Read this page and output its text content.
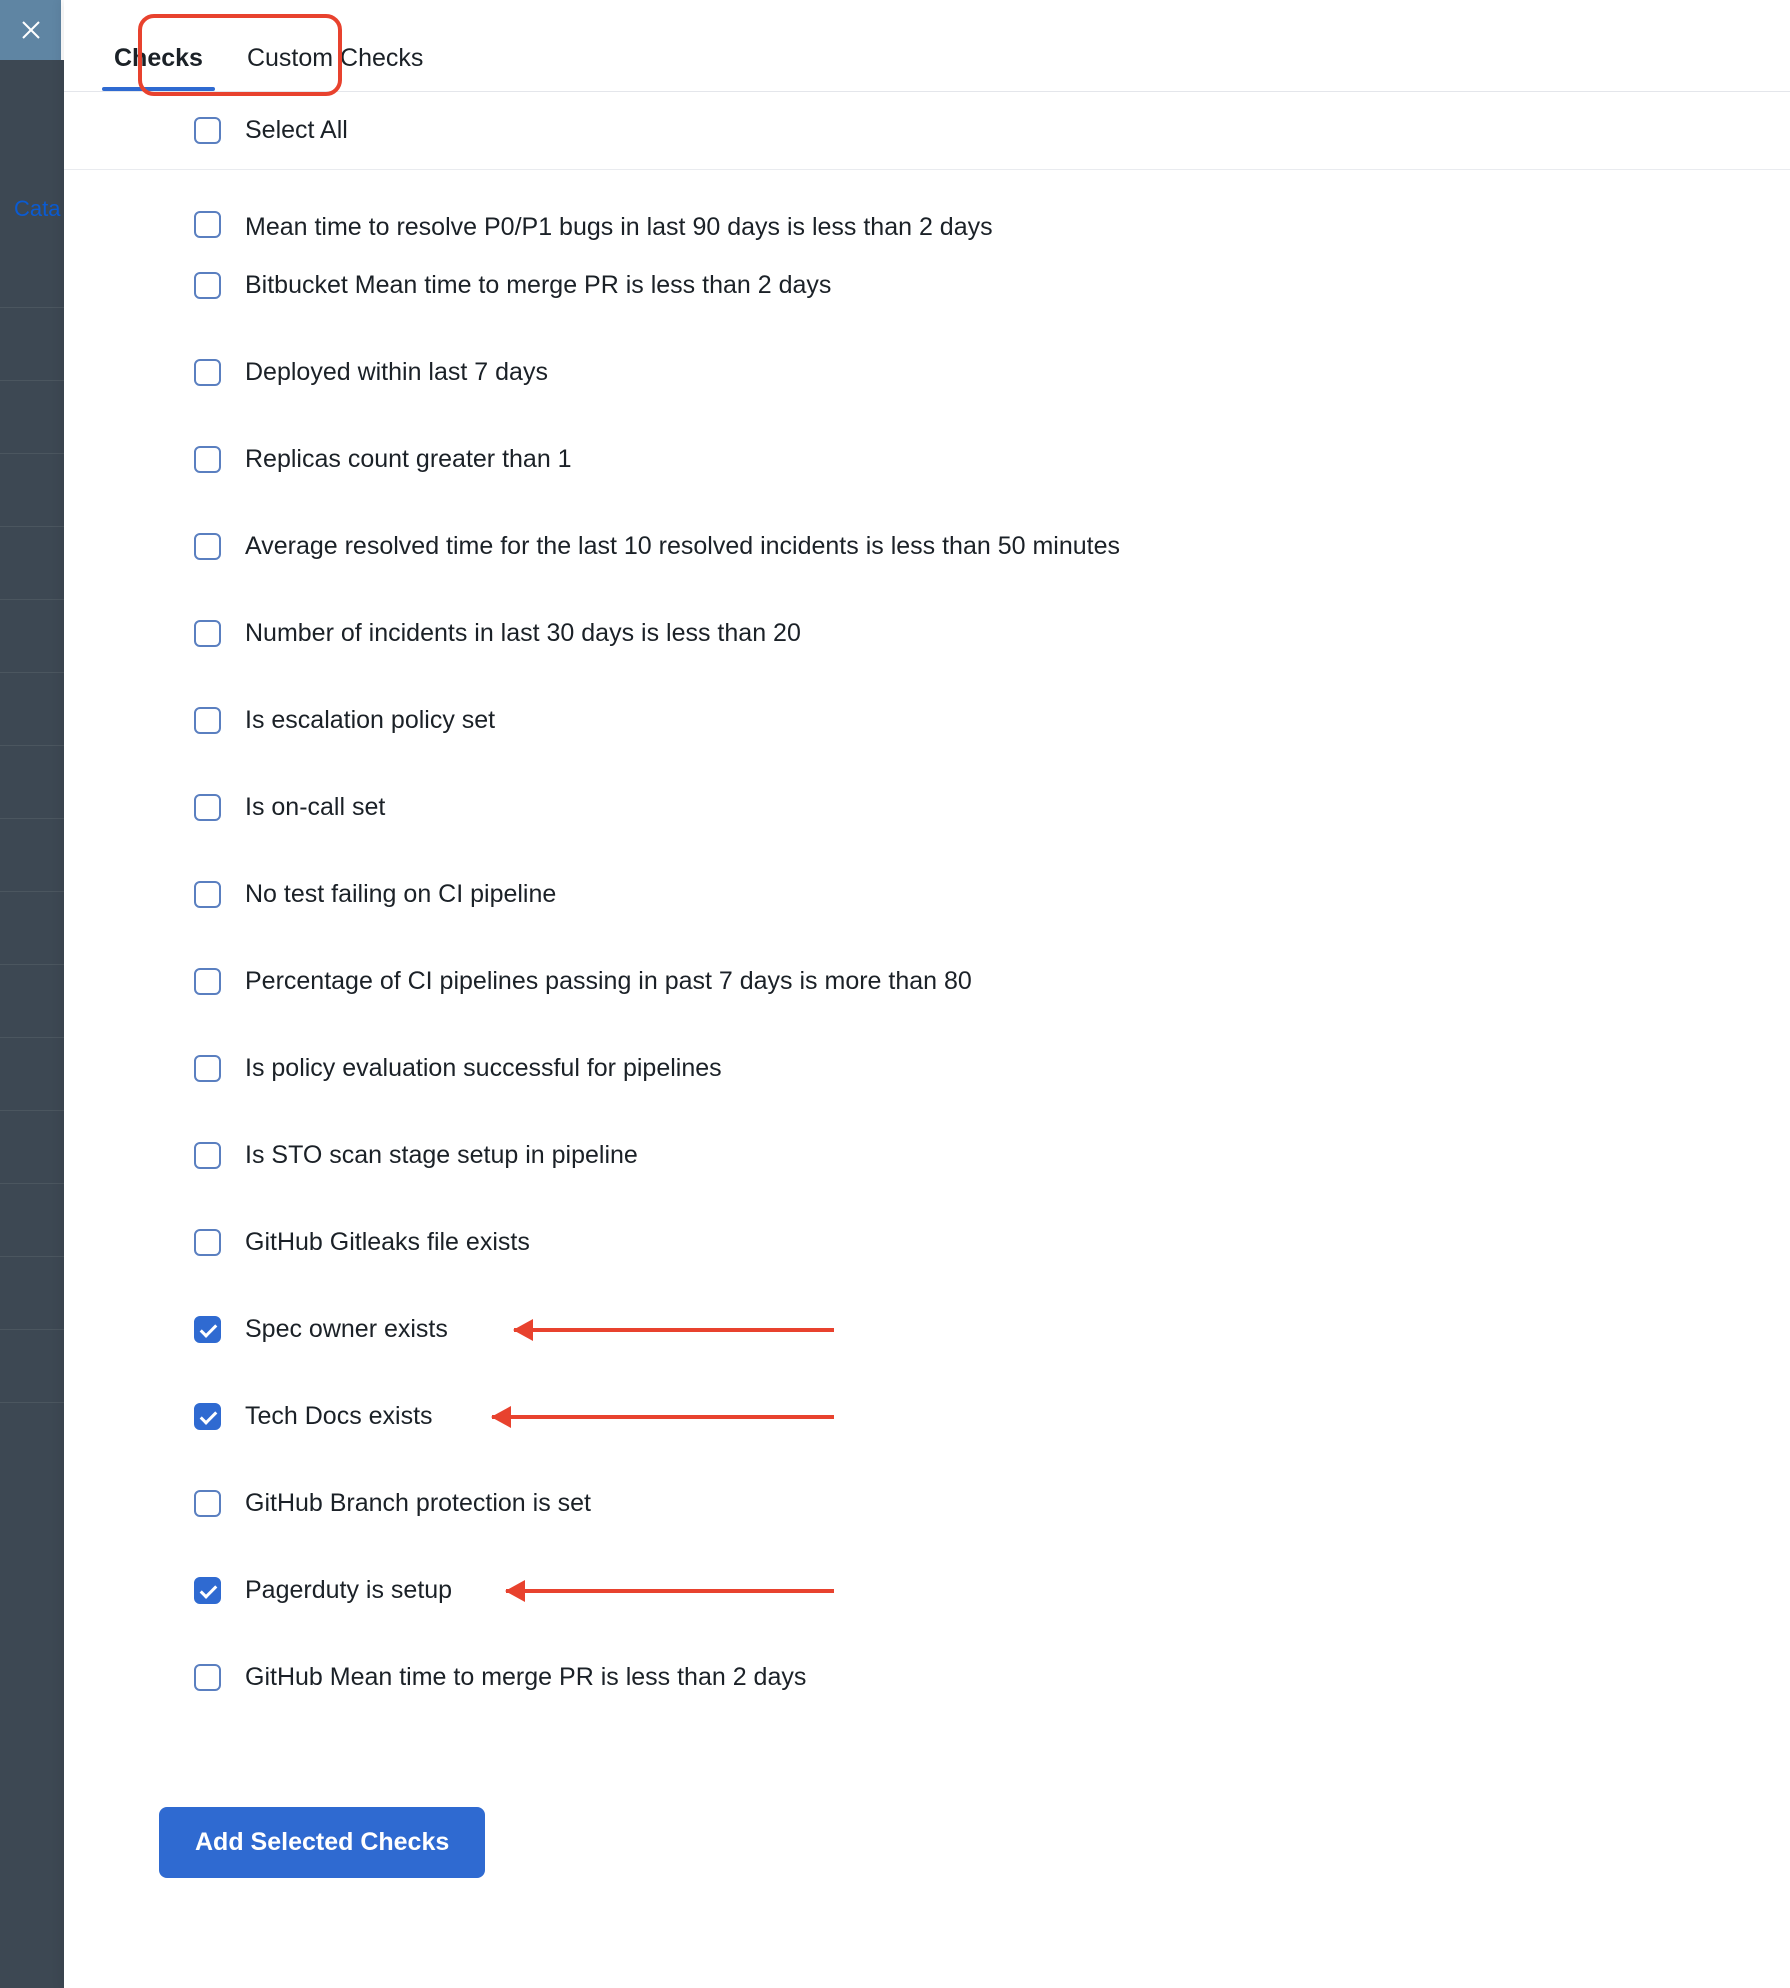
Cata
Checks	Custom Checks
Select All
Mean time to resolve P0/P1 bugs in last 90 days is less than 2 days
Bitbucket Mean time to merge PR is less than 2 days
Deployed within last 7 days
Replicas count greater than 1
Average resolved time for the last 10 resolved incidents is less than 50 minutes
Number of incidents in last 30 days is less than 20
Is escalation policy set
Is on-call set
No test failing on CI pipeline
Percentage of CI pipelines passing in past 7 days is more than 80
Is policy evaluation successful for pipelines
Is STO scan stage setup in pipeline
GitHub Gitleaks file exists
Spec owner exists
Tech Docs exists
GitHub Branch protection is set
Pagerduty is setup
GitHub Mean time to merge PR is less than 2 days
Add Selected Checks
